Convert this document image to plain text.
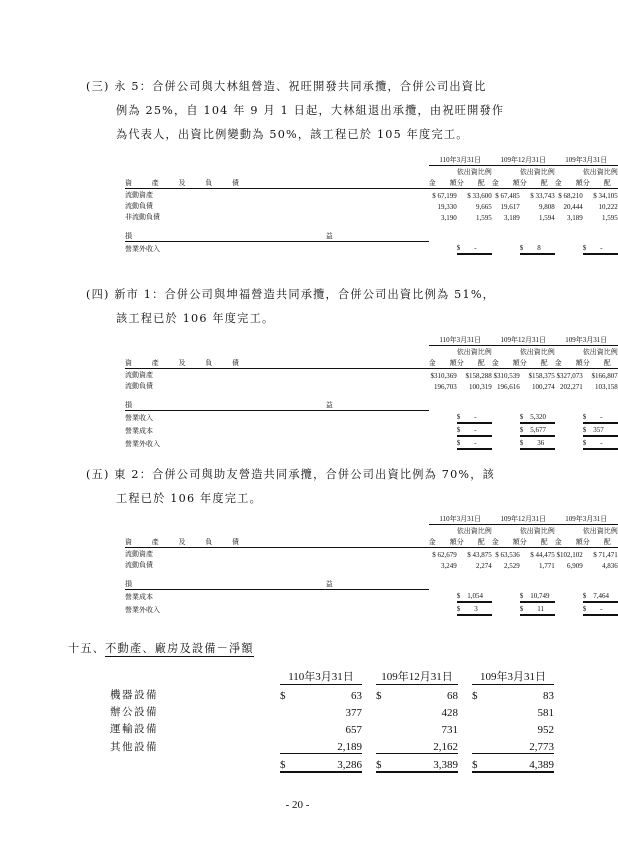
(三) 永 5：合併公司與大林組營造、祝旺開發共同承攬，合併公司出資比
例為 25%，自 104 年 9 月 1 日起，大林組退出承攬，由祝旺開發作
為代表人，出資比例變動為 50%，該工程已於 105 年度完工。
		110年3月31日		109年12月31日		109年3月31日	
			依出資比例			依出資比例			依出資比例
資 產 及 負 債		金　　額	分　　配		金　　額	分　　配		金　　額	分　　配
流動資產		$ 67,199	$ 33,600		$ 67,485	$ 33,743		$ 68,210	$ 34,105
流動負債		19,330	9,665		19,617	9,808		20,444	10,222
非流動負債		3,190	1,595		3,189	1,594		3,189	1,595

損 益						
營業外收入			$　　-			$　　8			$　　-
(四) 新市 1：合併公司與坤福營造共同承攬，合併公司出資比例為 51%，
該工程已於 106 年度完工。
		110年3月31日		109年12月31日		109年3月31日	
			依出資比例			依出資比例			依出資比例
資 產 及 負 債		金　　額	分　　配		金　　額	分　　配		金　　額	分　　配
流動資產		$310,369	$158,288		$310,539	$158,375		$327,073	$166,807
流動負債		196,703	100,319		196,616	100,274		202,271	103,158

損 益						
營業收入			$　　-			$　5,320			$　　-
營業成本			$　　-			$　5,677			$　357
營業外收入			$　　-			$　　36			$　　-
(五) 東 2：合併公司與助友營造共同承攬，合併公司出資比例為 70%，該
工程已於 106 年度完工。
		110年3月31日		109年12月31日		109年3月31日	
			依出資比例			依出資比例			依出資比例
資 產 及 負 債		金　　額	分　　配		金　　額	分　　配		金　　額	分　　配
流動資產		$ 62,679	$ 43,875		$ 63,536	$ 44,475		$102,102	$ 71,471
流動負債		3,249	2,274		2,529	1,771		6,909	4,836

損 益						
營業成本			$　1,054			$　10,749			$　7,464
營業外收入			$　　3			$　　11			$　　-
十五、不動產、廠房及設備－淨額
	110年3月31日		109年12月31日		109年3月31日
機器設備	$ 63		$ 68		$ 83
辦公設備	377		428		581
運輸設備	657		731		952
其他設備	2,189		2,162		2,773

	$ 3,286		$ 3,389		$ 4,389
- 20 -
